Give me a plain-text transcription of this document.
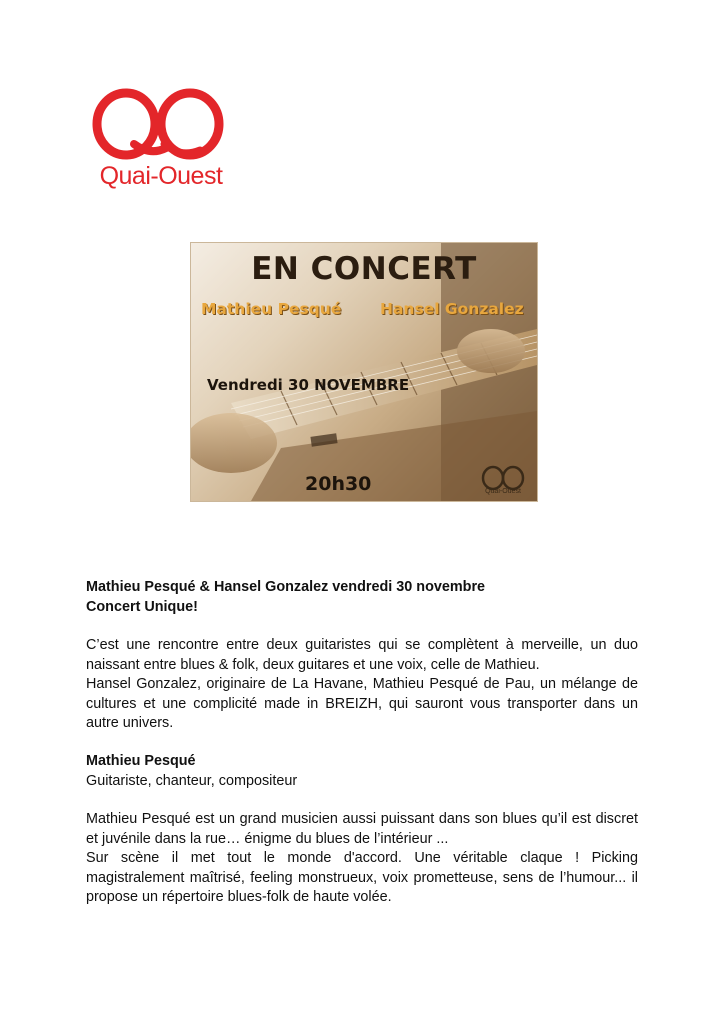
Quai-Ouest
EN CONCERT
Mathieu Pesqué Hansel Gonzalez
Vendredi 30 NOVEMBRE
20h30	Quai-Ouest

Mathieu Pesqué & Hansel Gonzalez vendredi 30 novembre

Concert Unique!

C’est une rencontre entre deux guitaristes qui se complètent à merveille, un duo naissant entre blues & folk, deux guitares et une voix, celle de Mathieu.

Hansel Gonzalez, originaire de La Havane, Mathieu Pesqué de Pau, un mélange de cultures et une complicité made in BREIZH, qui sauront vous transporter dans un autre univers.

Mathieu Pesqué

Guitariste, chanteur, compositeur

Mathieu Pesqué est un grand musicien aussi puissant dans son blues qu’il est discret et juvénile dans la rue… énigme du blues de l’intérieur ...

Sur scène il met tout le monde d'accord. Une véritable claque ! Picking magistralement maîtrisé, feeling monstrueux, voix prometteuse, sens de l’humour... il propose un répertoire blues-folk de haute volée.
